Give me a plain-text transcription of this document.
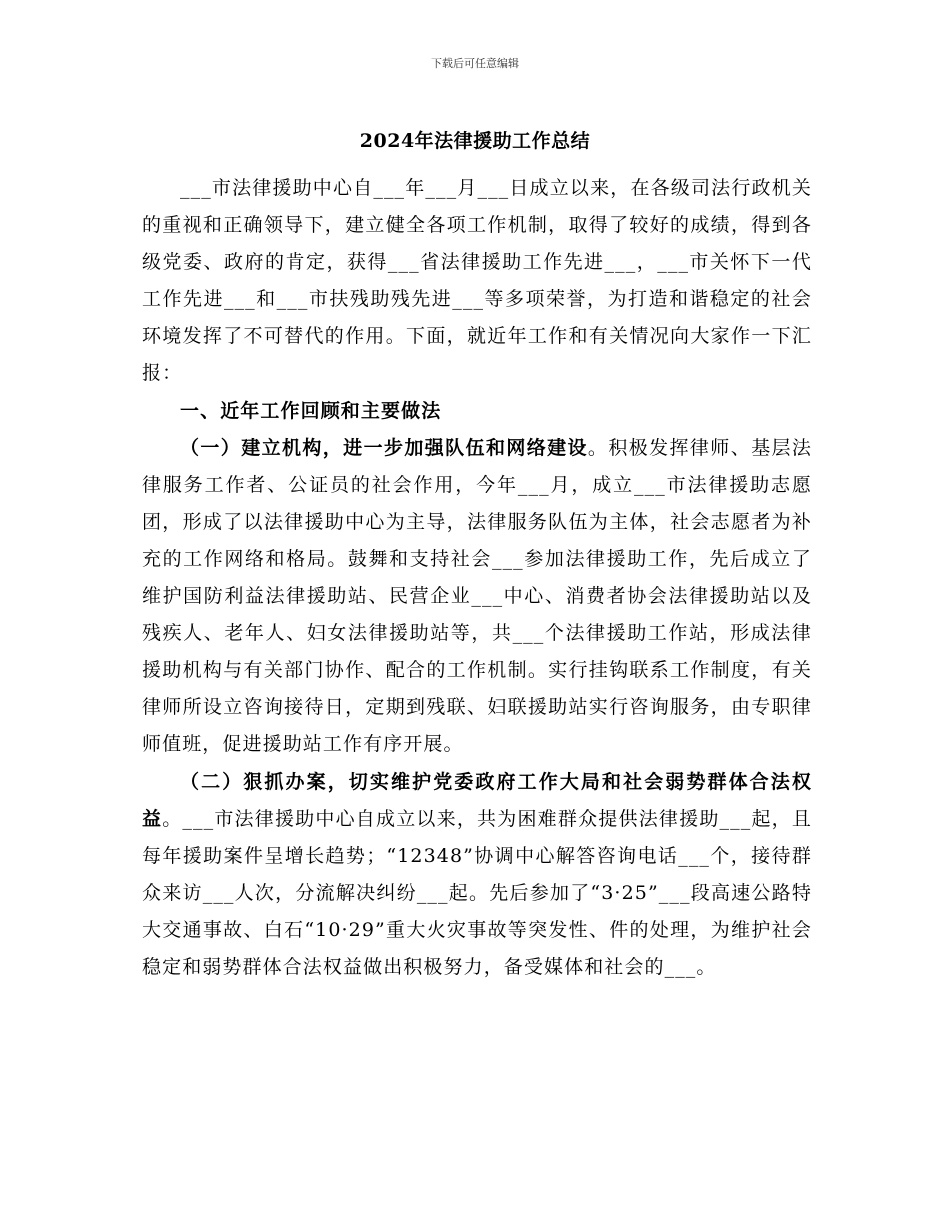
下载后可任意编辑
2024年法律援助工作总结

___市法律援助中心自___年___月___日成立以来，在各级司法行政机关的重视和正确领导下，建立健全各项工作机制，取得了较好的成绩，得到各级党委、政府的肯定，获得___省法律援助工作先进___，___市关怀下一代工作先进___和___市扶残助残先进___等多项荣誉，为打造和谐稳定的社会环境发挥了不可替代的作用。下面，就近年工作和有关情况向大家作一下汇报：

一、近年工作回顾和主要做法

（一）建立机构，进一步加强队伍和网络建设。积极发挥律师、基层法律服务工作者、公证员的社会作用，今年___月，成立___市法律援助志愿团，形成了以法律援助中心为主导，法律服务队伍为主体，社会志愿者为补充的工作网络和格局。鼓舞和支持社会___参加法律援助工作，先后成立了维护国防利益法律援助站、民营企业___中心、消费者协会法律援助站以及残疾人、老年人、妇女法律援助站等，共___个法律援助工作站，形成法律援助机构与有关部门协作、配合的工作机制。实行挂钩联系工作制度，有关律师所设立咨询接待日，定期到残联、妇联援助站实行咨询服务，由专职律师值班，促进援助站工作有序开展。

（二）狠抓办案，切实维护党委政府工作大局和社会弱势群体合法权益。___市法律援助中心自成立以来，共为困难群众提供法律援助___起，且每年援助案件呈增长趋势；“12348”协调中心解答咨询电话___个，接待群众来访___人次，分流解决纠纷___起。先后参加了“3·25”___段高速公路特大交通事故、白石“10·29”重大火灾事故等突发性、件的处理，为维护社会稳定和弱势群体合法权益做出积极努力，备受媒体和社会的___。
